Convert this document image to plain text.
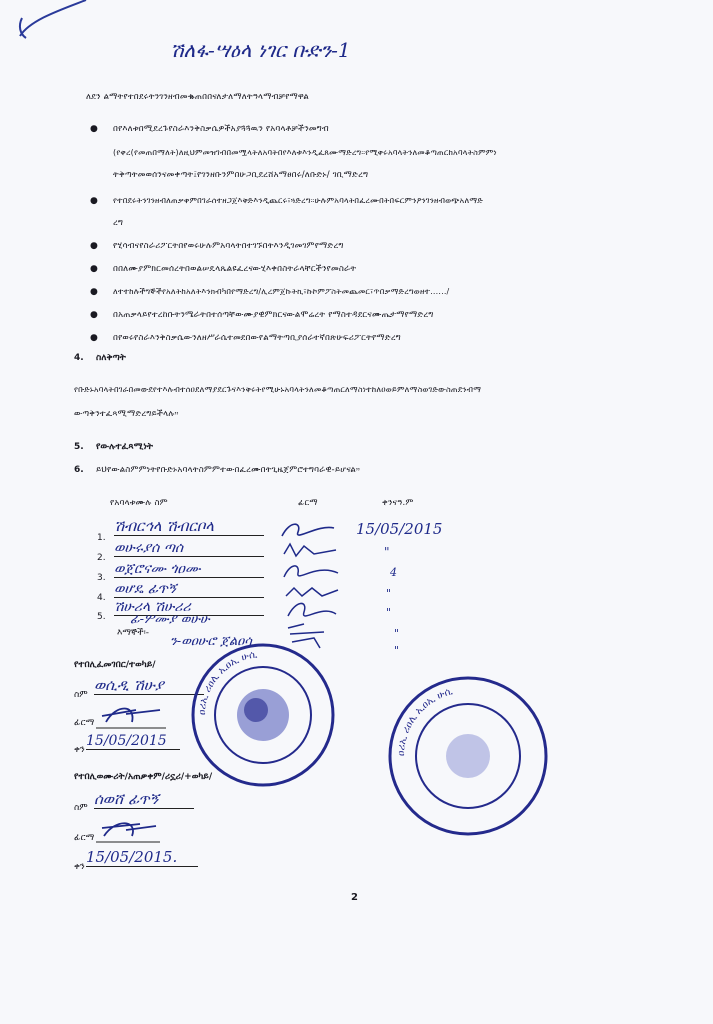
ሽለፋ-ሣዕላ ነገር ቡድን-1
ለደን ልማትየተበደሩትንገንዘብመቈጠበበናለታለማለትዓላማብቻየማዋል
● በየእለቱበሚደረጉየስራእንቅስቃሴዎችአያጓጓዉን የአባላቶቻችንመግብ
(የቀረ(የመጠበማለት)ለዚህምመዝገብበመሟላትለአባትበየእለቱእንዲፈጸሙማድረግ።የሚቀሩአባላትንለመቆጣጠርከአባላትስምምነ
ትቅጣትመወሰንናመቀጣት፤የገንዘቡንምበሁጋቢደረሸአማፀበሩ/ለቡድኑ/ ገቢማድረግ
● የተበደሩትንገንዘብለጠቃቀምበገራሰተዘጋጀእቅድእንዲጨርሩ፣ጓድረግ።ሁሉምአባላትበፈረሙበትበፍርምንዖንገንዘብወጭአለማድ
ረግ
● የሂሳብናየስራሪፖርትበየወሩሁሉምአባላትበተገኙበትእንዲገመገምየማድረግ
● በበለሙያምክርመሰረትበወልሠዴላጼልዩፈረናውሂእቀበስትራላቸርችንየመስራት
● ለተተከሉችግኞችየአለትከአለትእንክብካበየማድረግ/ሊረምጀኩትኪ፣ኩኮምፖስትመጨመር፣ጥበቃማድረግወዘተ....../
● በአጠቃላይየተረከቡትንሜራትበተሰጣቸውሙያዊምክርናውልሞሬረት የማስተዳደርናሙጤታማየማድረግ
● በየወሩየስራእንቅስቃሴውንለዘሥራሴተመደበውየልማትጣቢያሰራተኛበጽሁፍሪፖርትየማድረግ
4. ስለቅጣት
የቡድኑአባላትበገራበመውደየተእሉብተሰዐደለማያደርጉናእንቅሩትየሚሁኑአባላትንለመቆጣጠርለማስነተከለዐወይምለማስወገድውስጠደንብማ
ውጣቅንተፈጻሚማድረግይችላሉ።
5. የውሉተፈጻሚነት
6. ይህየውልስምምነትየቡድኑአባላትስምምተውበፈረሙበትጊዜጀምሮተግባራዊ-ይሆናል።
የአባላቱሙሉ ስም	ፊርማ	ቀንናዓ.ም
1.
ሽብርኅላ ሽብርቦላ	15/05/2015
2.
ወሁሩያሰ ጣሰ	"
3.
ወጀሮናሙ ጎዐሙ	4
4.
ወሆዴ ፊጥኝ	"
5.
ሽሁሪላ ሽሁሪሪ	"
እማኞች፡-
ፊ-ሦሙያ ወሁሁ
ን-ወዐሁሮ ጀልዐሳ
"
"
የተበሊፈመገበር/ተወካይ/
ስም
ወሲዲ ሽሁያ
ፊርማ
ቀን
15/05/2015
የተበሊወሙሪት/አጠቃቀም/ሪኗሪ/+ወካይ/
ስም ሰወሸ ፊጥኝ
ፊርማ
ቀን
15/05/2015.
ዐሪኢ ሪዐሊ ኢዐኢ ሁሲ
ዐሪኢ ሪዐሊ ኢዐኢ ሁሲ
2
